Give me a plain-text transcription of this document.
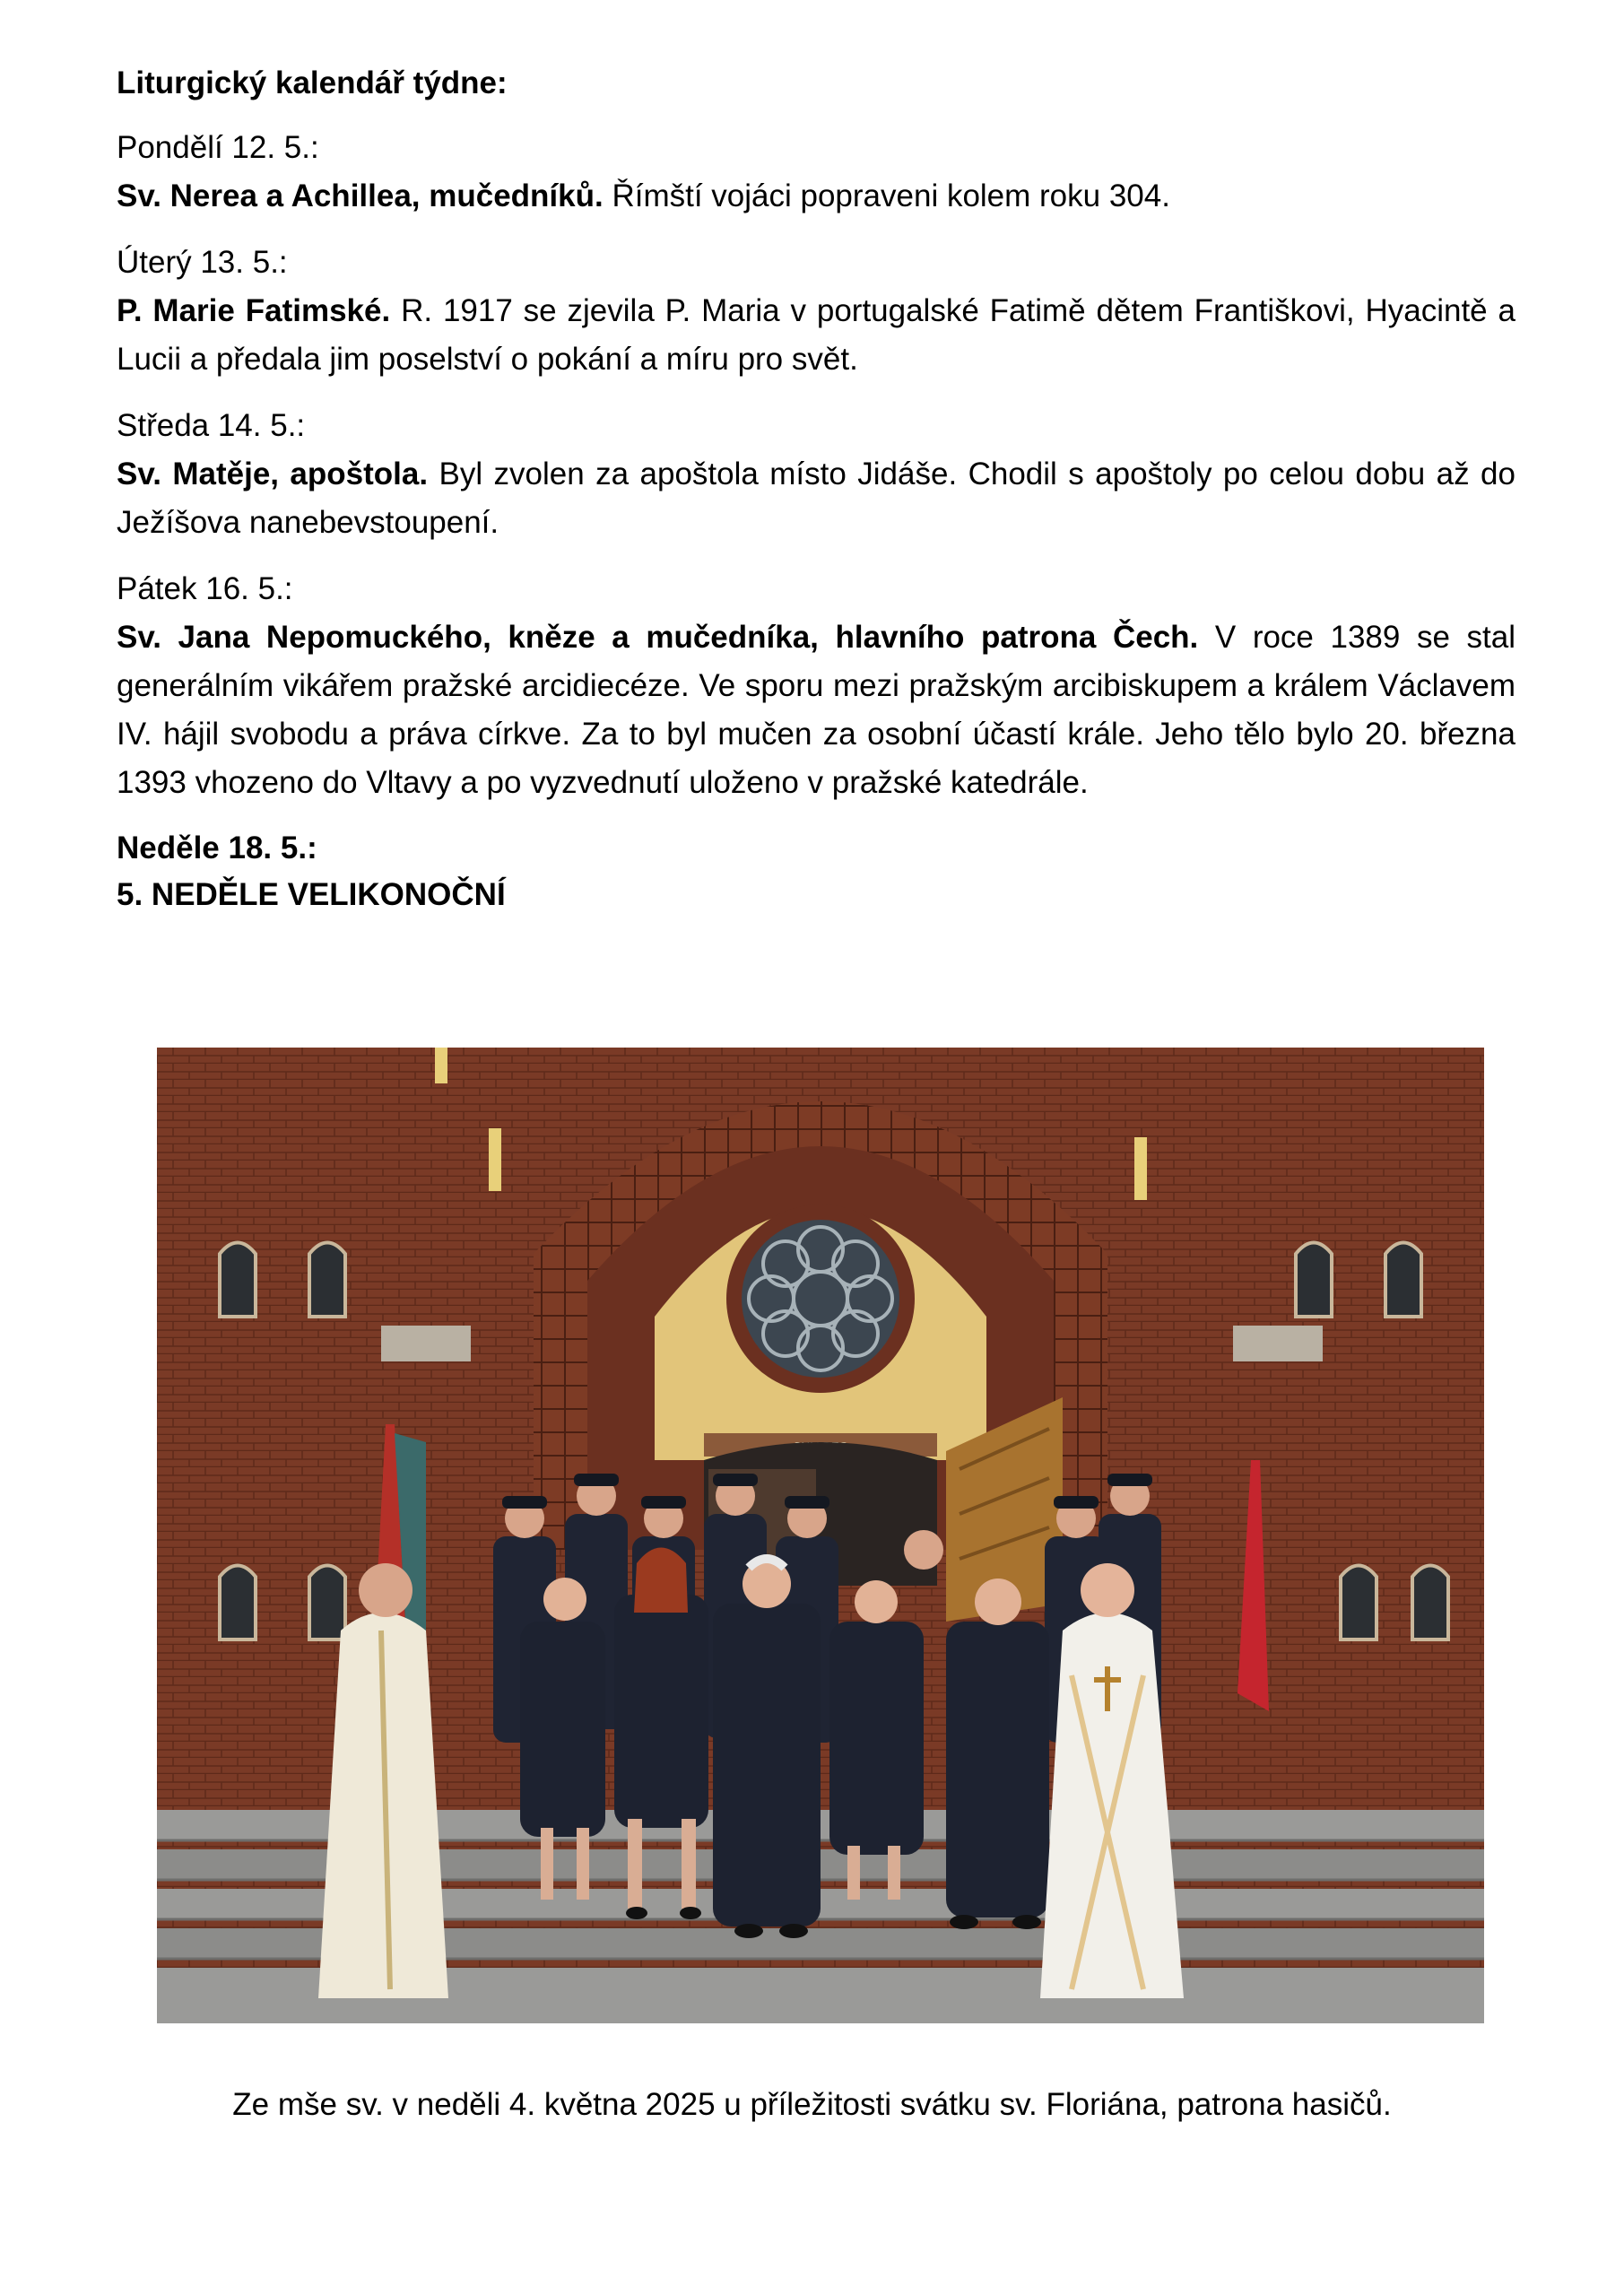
Liturgický kalendář týdne:
Pondělí 12. 5.:
Sv. Nerea a Achillea, mučedníků. Římští vojáci popraveni kolem roku 304.
Úterý 13. 5.:
P. Marie Fatimské. R. 1917 se zjevila P. Maria v portugalské Fatimě dětem Františkovi, Hyacintě a Lucii a předala jim poselství o pokání a míru pro svět.
Středa 14. 5.:
Sv. Matěje, apoštola. Byl zvolen za apoštola místo Jidáše. Chodil s apoštoly po celou dobu až do Ježíšova nanebevstoupení.
Pátek 16. 5.:
Sv. Jana Nepomuckého, kněze a mučedníka, hlavního patrona Čech. V roce 1389 se stal generálním vikářem pražské arcidiecéze. Ve sporu mezi pražským arcibiskupem a králem Václavem IV. hájil svobodu a práva církve. Za to byl mučen za osobní účastí krále. Jeho tělo bylo 20. března 1393 vhozeno do Vltavy a po vyzvednutí uloženo v pražské katedrále.
Neděle 18. 5.:
5. NEDĚLE VELIKONOČNÍ
Ze mše sv. v neděli 4. května 2025 u příležitosti svátku sv. Floriána, patrona hasičů.
